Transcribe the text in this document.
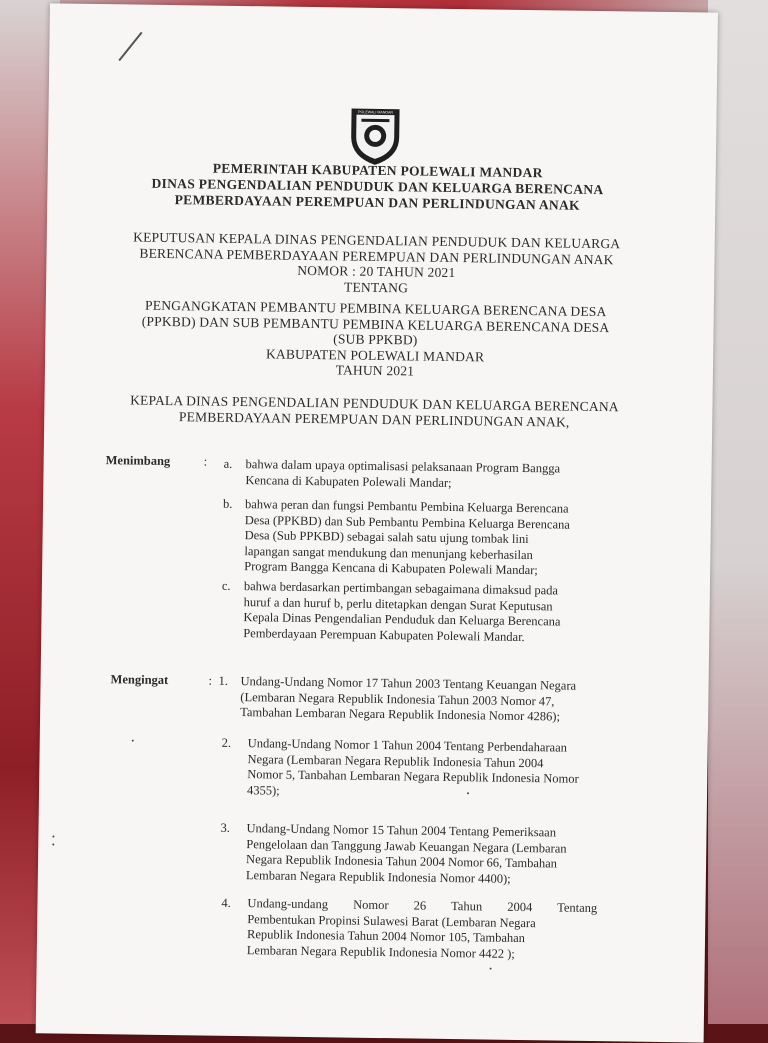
POLEWALI MANDAR
PEMERINTAH KABUPATEN POLEWALI MANDAR
DINAS PENGENDALIAN PENDUDUK DAN KELUARGA BERENCANA
PEMBERDAYAAN PEREMPUAN DAN PERLINDUNGAN ANAK
KEPUTUSAN KEPALA DINAS PENGENDALIAN PENDUDUK DAN KELUARGA
BERENCANA PEMBERDAYAAN PEREMPUAN DAN PERLINDUNGAN ANAK
NOMOR : 20 TAHUN 2021
TENTANG
PENGANGKATAN PEMBANTU PEMBINA KELUARGA BERENCANA DESA
(PPKBD) DAN SUB PEMBANTU PEMBINA KELUARGA BERENCANA DESA
(SUB PPKBD)
KABUPATEN POLEWALI MANDAR
TAHUN 2021
KEPALA DINAS PENGENDALIAN PENDUDUK DAN KELUARGA BERENCANA
PEMBERDAYAAN PEREMPUAN DAN PERLINDUNGAN ANAK,
Menimbang	: a. bahwa dalam upaya optimalisasi pelaksanaan Program Bangga
Kencana di Kabupaten Polewali Mandar;
b. bahwa peran dan fungsi Pembantu Pembina Keluarga Berencana
Desa (PPKBD) dan Sub Pembantu Pembina Keluarga Berencana
Desa (Sub PPKBD) sebagai salah satu ujung tombak lini
lapangan sangat mendukung dan menunjang keberhasilan
Program Bangga Kencana di Kabupaten Polewali Mandar;
c. bahwa berdasarkan pertimbangan sebagaimana dimaksud pada
huruf a dan huruf b, perlu ditetapkan dengan Surat Keputusan
Kepala Dinas Pengendalian Penduduk dan Keluarga Berencana
Pemberdayaan Perempuan Kabupaten Polewali Mandar.
Mengingat	: 1. Undang-Undang Nomor 17 Tahun 2003 Tentang Keuangan Negara
(Lembaran Negara Republik Indonesia Tahun 2003 Nomor 47,
Tambahan Lembaran Negara Republik Indonesia Nomor 4286);
2. Undang-Undang Nomor 1 Tahun 2004 Tentang Perbendaharaan
Negara (Lembaran Negara Republik Indonesia Tahun 2004
Nomor 5, Tanbahan Lembaran Negara Republik Indonesia Nomor
4355);
3. Undang-Undang Nomor 15 Tahun 2004 Tentang Pemeriksaan
Pengelolaan dan Tanggung Jawab Keuangan Negara (Lembaran
Negara Republik Indonesia Tahun 2004 Nomor 66, Tambahan
Lembaran Negara Republik Indonesia Nomor 4400);
4. Undang-undang Nomor 26 Tahun 2004 Tentang
Pembentukan Propinsi Sulawesi Barat (Lembaran Negara
Republik Indonesia Tahun 2004 Nomor 105, Tambahan
Lembaran Negara Republik Indonesia Nomor 4422 );
